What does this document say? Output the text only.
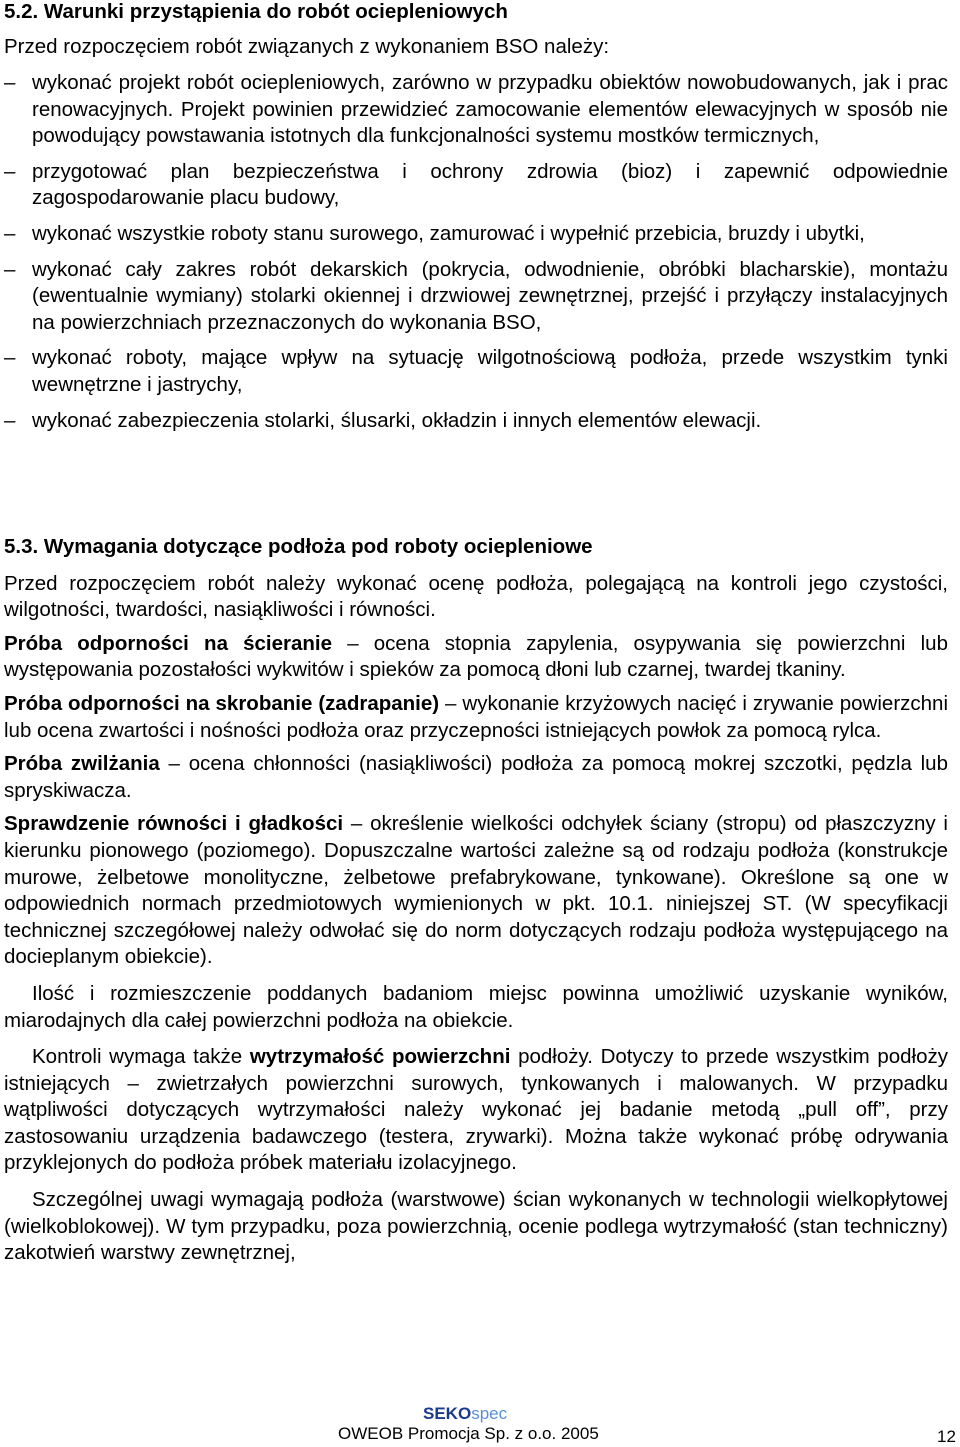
5.2. Warunki przystąpienia do robót ociepleniowych

Przed rozpoczęciem robót związanych z wykonaniem BSO należy:

– wykonać projekt robót ociepleniowych, zarówno w przypadku obiektów nowobudowanych, jak i prac renowacyjnych. Projekt powinien przewidzieć zamocowanie elementów elewacyjnych w sposób nie powodujący powstawania istotnych dla funkcjonalności systemu mostków termicznych,
– przygotować plan bezpieczeństwa i ochrony zdrowia (bioz) i zapewnić odpowiednie zagospodarowanie placu budowy,
– wykonać wszystkie roboty stanu surowego, zamurować i wypełnić przebicia, bruzdy i ubytki,
– wykonać cały zakres robót dekarskich (pokrycia, odwodnienie, obróbki blacharskie), montażu (ewentualnie wymiany) stolarki okiennej i drzwiowej zewnętrznej, przejść i przyłączy instalacyjnych na powierzchniach przeznaczonych do wykonania BSO,
– wykonać roboty, mające wpływ na sytuację wilgotnościową podłoża, przede wszystkim tynki wewnętrzne i jastrychy,
– wykonać zabezpieczenia stolarki, ślusarki, okładzin i innych elementów elewacji.
5.3. Wymagania dotyczące podłoża pod roboty ociepleniowe

Przed rozpoczęciem robót należy wykonać ocenę podłoża, polegającą na kontroli jego czystości, wilgotności, twardości, nasiąkliwości i równości.

Próba odporności na ścieranie – ocena stopnia zapylenia, osypywania się powierzchni lub występowania pozostałości wykwitów i spieków za pomocą dłoni lub czarnej, twardej tkaniny.

Próba odporności na skrobanie (zadrapanie) – wykonanie krzyżowych nacięć i zrywanie powierzchni lub ocena zwartości i nośności podłoża oraz przyczepności istniejących powłok za pomocą rylca.

Próba zwilżania – ocena chłonności (nasiąkliwości) podłoża za pomocą mokrej szczotki, pędzla lub spryskiwacza.

Sprawdzenie równości i gładkości – określenie wielkości odchyłek ściany (stropu) od płaszczyzny i kierunku pionowego (poziomego). Dopuszczalne wartości zależne są od rodzaju podłoża (konstrukcje murowe, żelbetowe monolityczne, żelbetowe prefabrykowane, tynkowane). Określone są one w odpowiednich normach przedmiotowych wymienionych w pkt. 10.1. niniejszej ST. (W specyfikacji technicznej szczegółowej należy odwołać się do norm dotyczących rodzaju podłoża występującego na docieplanym obiekcie).

Ilość i rozmieszczenie poddanych badaniom miejsc powinna umożliwić uzyskanie wyników, miarodajnych dla całej powierzchni podłoża na obiekcie.

Kontroli wymaga także wytrzymałość powierzchni podłoży. Dotyczy to przede wszystkim podłoży istniejących – zwietrzałych powierzchni surowych, tynkowanych i malowanych. W przypadku wątpliwości dotyczących wytrzymałości należy wykonać jej badanie metodą „pull off”, przy zastosowaniu urządzenia badawczego (testera, zrywarki). Można także wykonać próbę odrywania przyklejonych do podłoża próbek materiału izolacyjnego.

Szczególnej uwagi wymagają podłoża (warstwowe) ścian wykonanych w technologii wielkopłytowej (wielkoblokowej). W tym przypadku, poza powierzchnią, ocenie podlega wytrzymałość (stan techniczny) zakotwień warstwy zewnętrznej,

SEKOspec
OWEOB Promocja Sp. z o.o. 2005	12
